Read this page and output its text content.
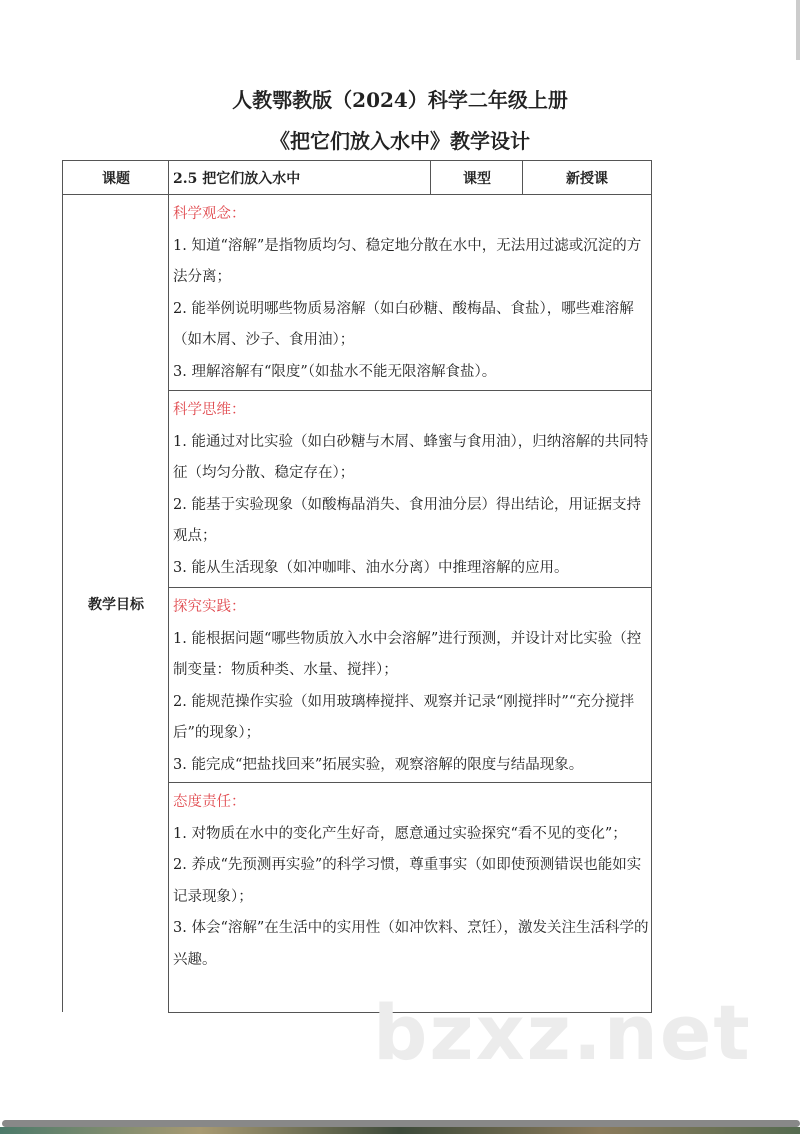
人教鄂教版（2024）科学二年级上册
《把它们放入水中》教学设计
课题	2.5 把它们放入水中	课型	新授课
教学目标
科学观念：
1. 知道“溶解”是指物质均匀、稳定地分散在水中，无法用过滤或沉淀的方法分离；
2. 能举例说明哪些物质易溶解（如白砂糖、酸梅晶、食盐），哪些难溶解（如木屑、沙子、食用油）；
3. 理解溶解有“限度”（如盐水不能无限溶解食盐）。
科学思维：
1. 能通过对比实验（如白砂糖与木屑、蜂蜜与食用油），归纳溶解的共同特征（均匀分散、稳定存在）；
2. 能基于实验现象（如酸梅晶消失、食用油分层）得出结论，用证据支持观点；
3. 能从生活现象（如冲咖啡、油水分离）中推理溶解的应用。
探究实践：
1. 能根据问题“哪些物质放入水中会溶解”进行预测，并设计对比实验（控制变量：物质种类、水量、搅拌）；
2. 能规范操作实验（如用玻璃棒搅拌、观察并记录“刚搅拌时”“充分搅拌后”的现象）；
3. 能完成“把盐找回来”拓展实验，观察溶解的限度与结晶现象。
态度责任：
1. 对物质在水中的变化产生好奇，愿意通过实验探究“看不见的变化”；
2. 养成“先预测再实验”的科学习惯，尊重事实（如即使预测错误也能如实记录现象）；
3. 体会“溶解”在生活中的实用性（如冲饮料、烹饪），激发关注生活科学的兴趣。
bzxz.net
